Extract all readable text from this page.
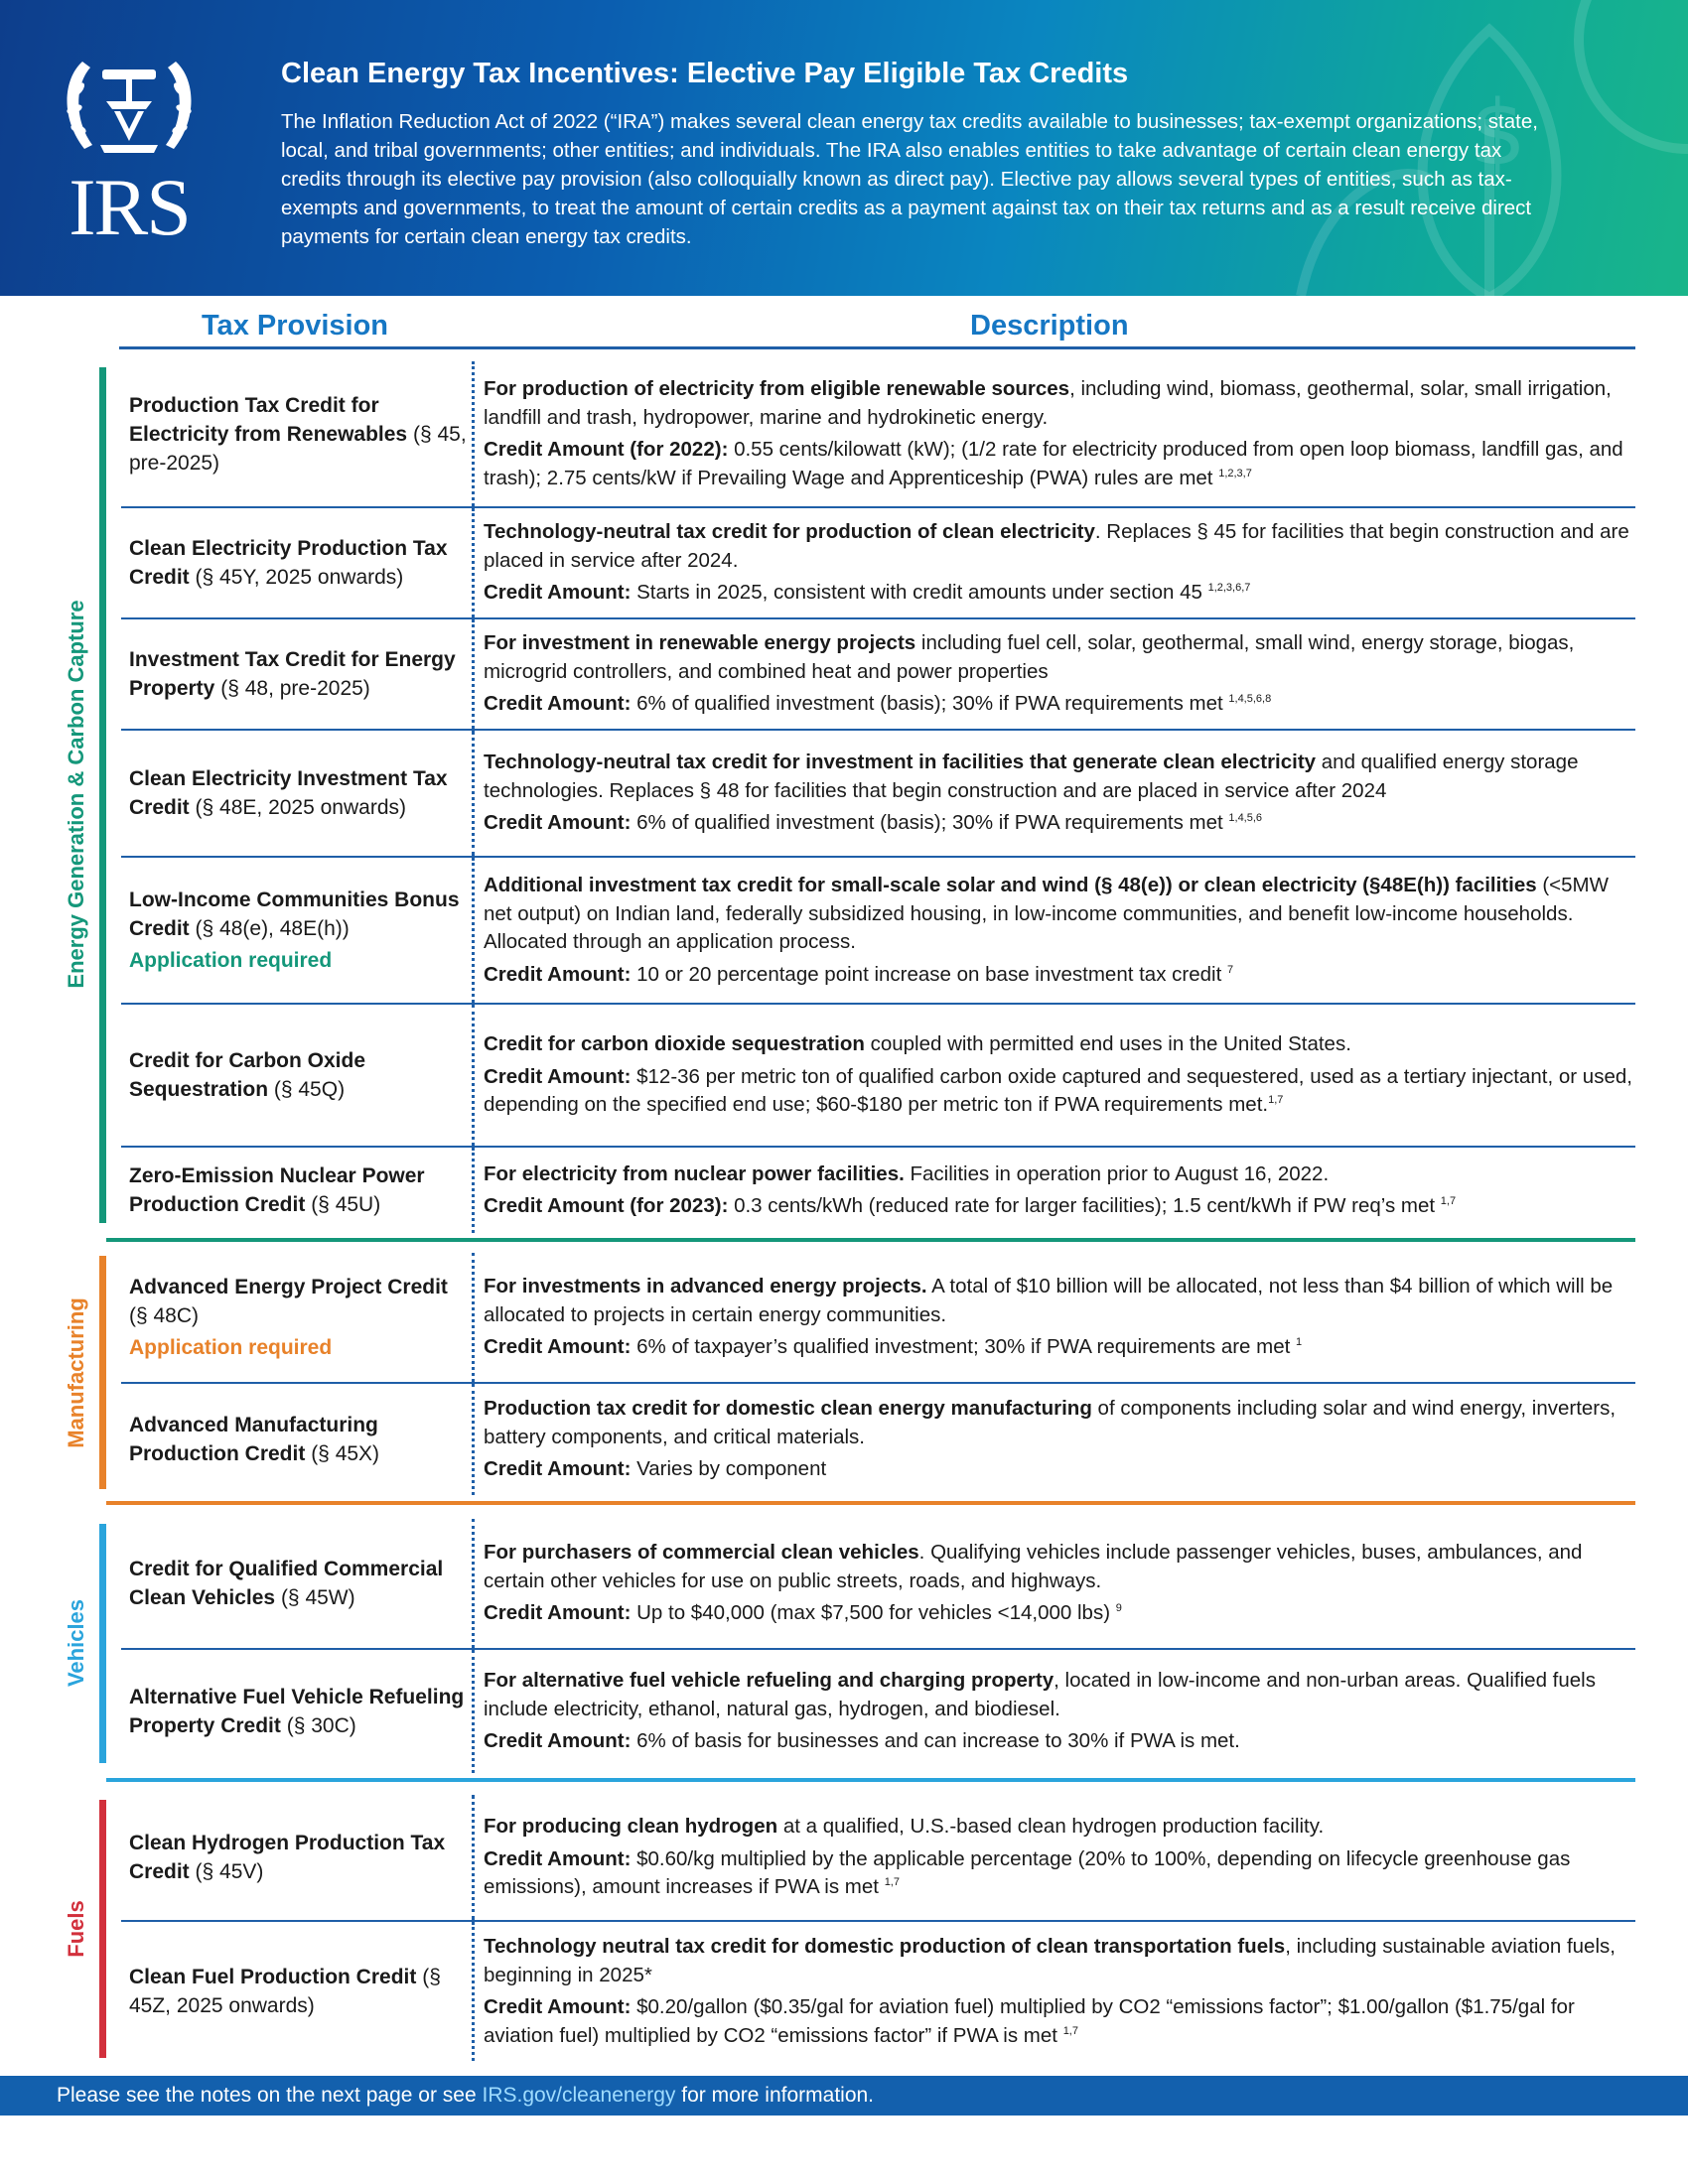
$
IRS
Clean Energy Tax Incentives: Elective Pay Eligible Tax Credits
The Inflation Reduction Act of 2022 (“IRA”) makes several clean energy tax credits available to businesses; tax-exempt organizations; state, local, and tribal governments; other entities; and individuals. The IRA also enables entities to take advantage of certain clean energy tax credits through its elective pay provision (also colloquially known as direct pay). Elective pay allows several types of entities, such as tax-exempts and governments, to treat the amount of certain credits as a payment against tax on their tax returns and as a result receive direct payments for certain clean energy tax credits.
Tax Provision	Description
Energy Generation & Carbon Capture
Manufacturing
Vehicles
Fuels
Production Tax Credit for Electricity from Renewables (§ 45, pre-2025)

For production of electricity from eligible renewable sources, including wind, biomass, geothermal, solar, small irrigation, landfill and trash, hydropower, marine and hydrokinetic energy.

Credit Amount (for 2022): 0.55 cents/kilowatt (kW); (1/2 rate for electricity produced from open loop biomass, landfill gas, and trash); 2.75 cents/kW if Prevailing Wage and Apprenticeship (PWA) rules are met $^{1,2,3,7}$

Clean Electricity Production Tax Credit (§ 45Y, 2025 onwards)

Technology-neutral tax credit for production of clean electricity. Replaces § 45 for facilities that begin construction and are placed in service after 2024.

Credit Amount: Starts in 2025, consistent with credit amounts under section 45 $^{1,2,3,6,7}$

Investment Tax Credit for Energy Property (§ 48, pre-2025)

For investment in renewable energy projects including fuel cell, solar, geothermal, small wind, energy storage, biogas, microgrid controllers, and combined heat and power properties

Credit Amount: 6% of qualified investment (basis); 30% if PWA requirements met $^{1,4,5,6,8}$

Clean Electricity Investment Tax Credit (§ 48E, 2025 onwards)

Technology-neutral tax credit for investment in facilities that generate clean electricity and qualified energy storage technologies. Replaces § 48 for facilities that begin construction and are placed in service after 2024

Credit Amount: 6% of qualified investment (basis); 30% if PWA requirements met $^{1,4,5,6}$

Low-Income Communities Bonus Credit (§ 48(e), 48E(h))
Application required

Additional investment tax credit for small-scale solar and wind (§ 48(e)) or clean electricity (§48E(h)) facilities (<5MW net output) on Indian land, federally subsidized housing, in low-income communities, and benefit low-income households. Allocated through an application process.

Credit Amount: 10 or 20 percentage point increase on base investment tax credit $^7$

Credit for Carbon Oxide Sequestration (§ 45Q)

Credit for carbon dioxide sequestration coupled with permitted end uses in the United States.

Credit Amount: $12-36 per metric ton of qualified carbon oxide captured and sequestered, used as a tertiary injectant, or used, depending on the specified end use; $60-$180 per metric ton if PWA requirements met.$^{1,7}$

Zero-Emission Nuclear Power Production Credit (§ 45U)

For electricity from nuclear power facilities. Facilities in operation prior to August 16, 2022.

Credit Amount (for 2023): 0.3 cents/kWh (reduced rate for larger facilities); 1.5 cent/kWh if PW req’s met $^{1,7}$

Advanced Energy Project Credit (§ 48C)
Application required

For investments in advanced energy projects. A total of $10 billion will be allocated, not less than $4 billion of which will be allocated to projects in certain energy communities.

Credit Amount: 6% of taxpayer’s qualified investment; 30% if PWA requirements are met $^1$

Advanced Manufacturing Production Credit (§ 45X)

Production tax credit for domestic clean energy manufacturing of components including solar and wind energy, inverters, battery components, and critical materials.

Credit Amount: Varies by component

Credit for Qualified Commercial Clean Vehicles (§ 45W)

For purchasers of commercial clean vehicles. Qualifying vehicles include passenger vehicles, buses, ambulances, and certain other vehicles for use on public streets, roads, and highways.

Credit Amount: Up to $40,000 (max $7,500 for vehicles <14,000 lbs) $^9$

Alternative Fuel Vehicle Refueling Property Credit (§ 30C)

For alternative fuel vehicle refueling and charging property, located in low-income and non-urban areas. Qualified fuels include electricity, ethanol, natural gas, hydrogen, and biodiesel.

Credit Amount: 6% of basis for businesses and can increase to 30% if PWA is met.

Clean Hydrogen Production Tax Credit (§ 45V)

For producing clean hydrogen at a qualified, U.S.-based clean hydrogen production facility.

Credit Amount: $0.60/kg multiplied by the applicable percentage (20% to 100%, depending on lifecycle greenhouse gas emissions), amount increases if PWA is met $^{1,7}$

Clean Fuel Production Credit (§ 45Z, 2025 onwards)

Technology neutral tax credit for domestic production of clean transportation fuels, including sustainable aviation fuels, beginning in 2025*

Credit Amount: $0.20/gallon ($0.35/gal for aviation fuel) multiplied by CO2 “emissions factor”; $1.00/gallon ($1.75/gal for aviation fuel) multiplied by CO2 “emissions factor” if PWA is met $^{1,7}$

Please see the notes on the next page or see IRS.gov/cleanenergy for more information.
